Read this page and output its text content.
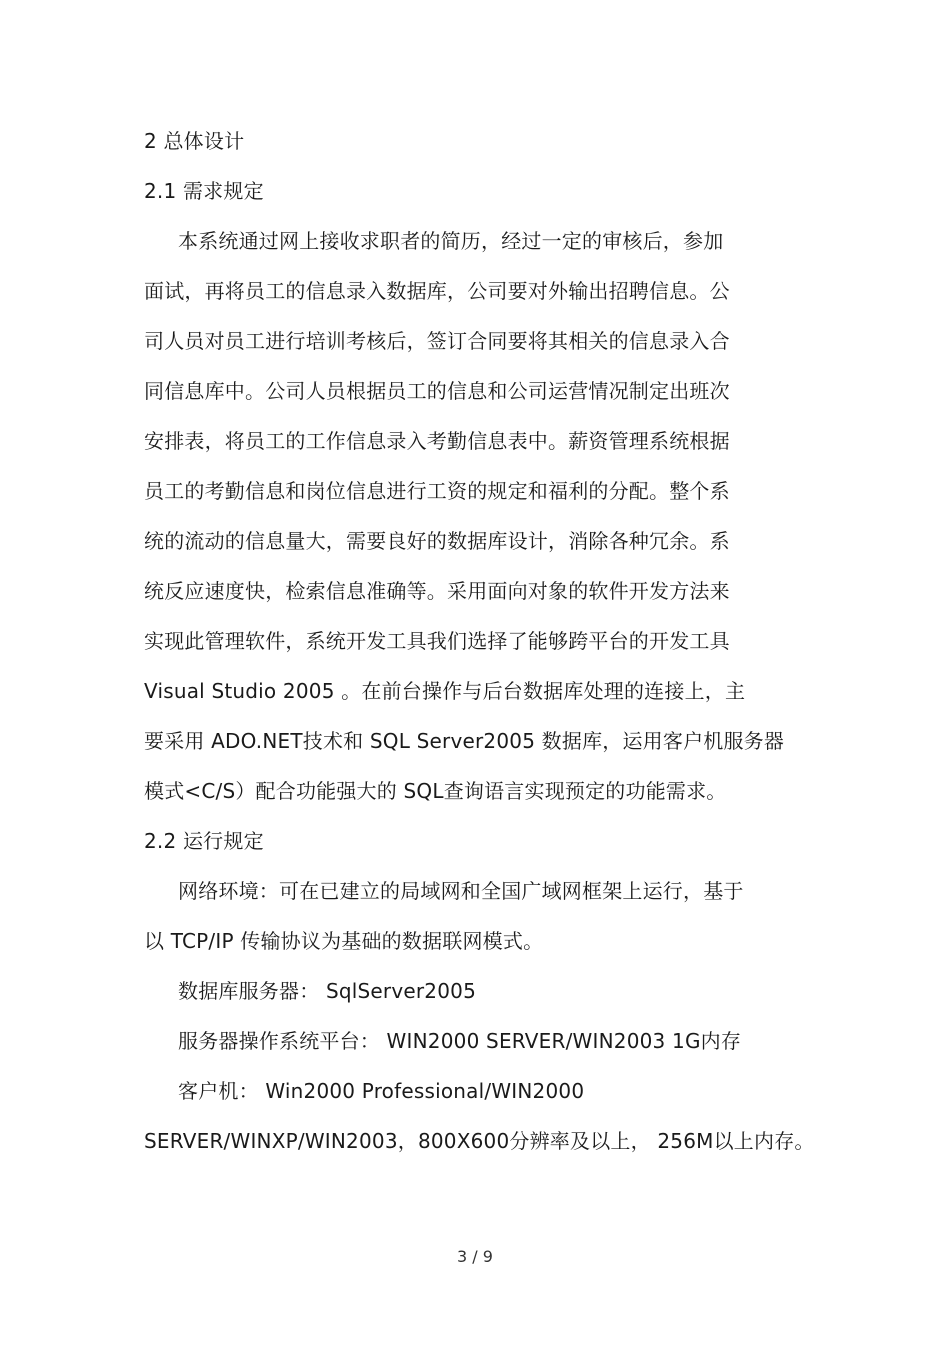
2 总体设计
2.1 需求规定
本系统通过网上接收求职者的简历，经过一定的审核后，参加
面试，再将员工的信息录入数据库，公司要对外输出招聘信息。公
司人员对员工进行培训考核后，签订合同要将其相关的信息录入合
同信息库中。公司人员根据员工的信息和公司运营情况制定出班次
安排表，将员工的工作信息录入考勤信息表中。薪资管理系统根据
员工的考勤信息和岗位信息进行工资的规定和福利的分配。整个系
统的流动的信息量大，需要良好的数据库设计，消除各种冗余。系
统反应速度快，检索信息准确等。采用面向对象的软件开发方法来
实现此管理软件，系统开发工具我们选择了能够跨平台的开发工具
Visual Studio 2005 。在前台操作与后台数据库处理的连接上，主
要采用 ADO.NET技术和 SQL Server2005 数据库，运用客户机服务器
模式<C/S）配合功能强大的 SQL查询语言实现预定的功能需求。
2.2 运行规定
网络环境：可在已建立的局域网和全国广域网框架上运行，基于
以 TCP/IP 传输协议为基础的数据联网模式。
数据库服务器： SqlServer2005
服务器操作系统平台： WIN2000 SERVER/WIN2003 1G内存
客户机： Win2000 Professional/WIN2000
SERVER/WINXP/WIN2003，800X600分辨率及以上， 256M以上内存。
3 / 9
